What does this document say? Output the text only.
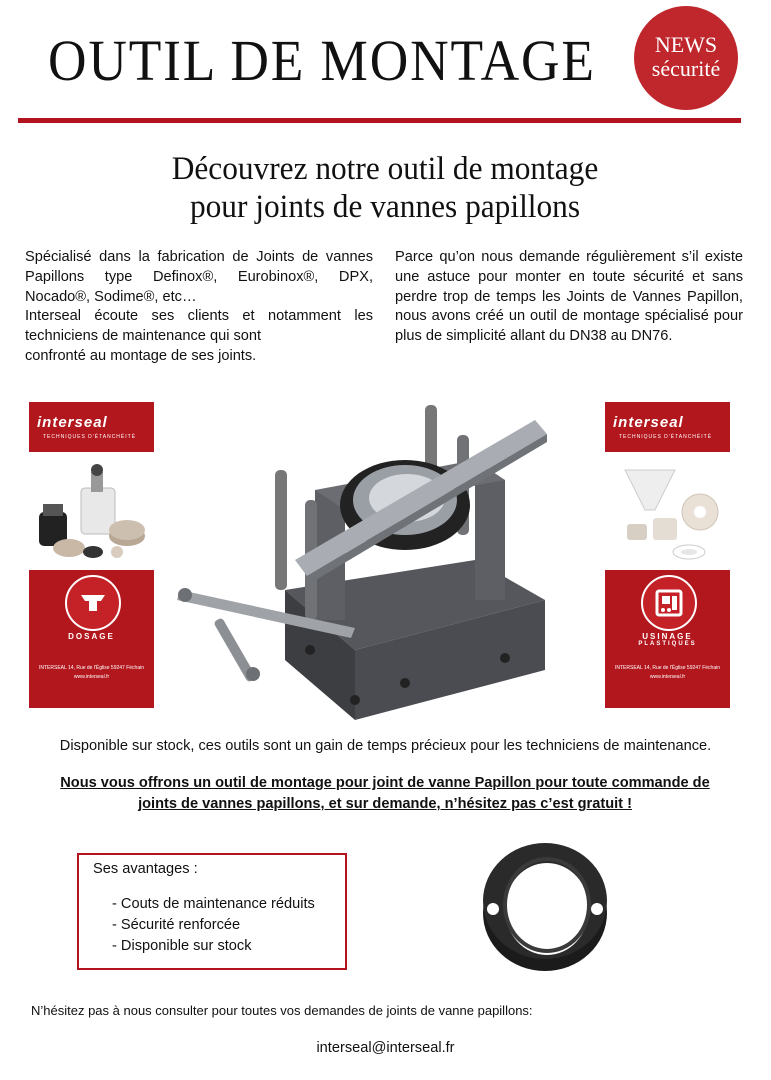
OUTIL DE MONTAGE	NEWS
sécurité
Découvrez notre outil de montage
pour joints de vannes papillons

Spécialisé dans la fabrication de Joints de vannes Papillons type Definox®, Eurobinox®, DPX, Nocado®, Sodime®, etc…

Interseal écoute ses clients et notamment les techniciens de maintenance qui sont

confronté au montage de ses joints.

Parce qu’on nous demande régulièrement s’il existe une astuce pour monter en toute sécurité et sans perdre trop de temps les Joints de Vannes Papillon, nous avons créé un outil de montage spécialisé pour plus de simplicité allant du DN38 au DN76.

interseal
TECHNIQUES D'ÉTANCHÉITÉ
DOSAGE
INTERSEAL 14, Rue de l'Église 59247 Féchain
www.interseal.fr
interseal
TECHNIQUES D'ÉTANCHÉITÉ
USINAGE
PLASTIQUES
INTERSEAL 14, Rue de l'Église 59247 Féchain
www.interseal.fr
Disponible sur stock, ces outils sont un gain de temps précieux pour les techniciens de maintenance.
Nous vous offrons un outil de montage pour joint de vanne Papillon pour toute commande de
joints de vannes papillons, et sur demande, n’hésitez pas c’est gratuit !
Ses avantages :
- Couts de maintenance réduits
- Sécurité renforcée
- Disponible sur stock
N’hésitez pas à nous consulter pour toutes vos demandes de joints de vanne papillons:
interseal@interseal.fr
